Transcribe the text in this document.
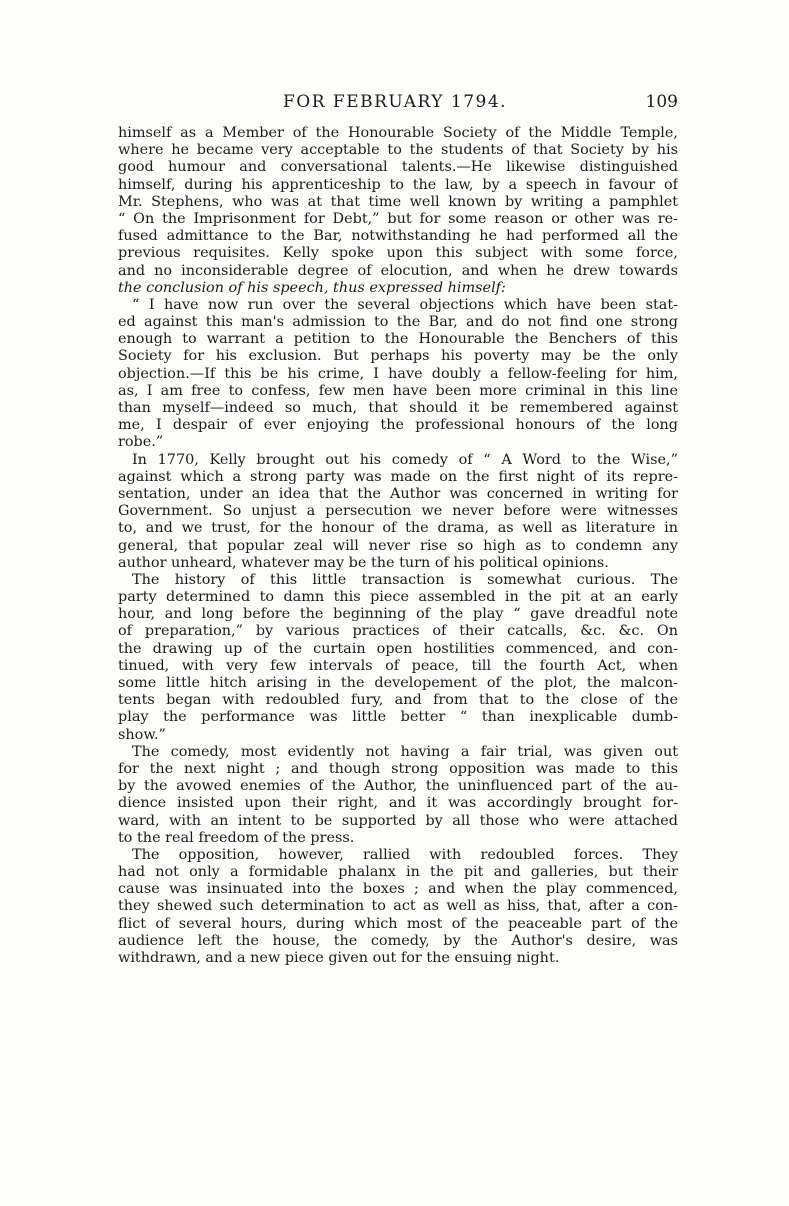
FOR FEBRUARY 1794.	109
himself as a Member of the Honourable Society of the Middle Temple,
where he became very acceptable to the students of that Society by his
good humour and conversational talents.—He likewise distinguished
himself, during his apprenticeship to the law, by a speech in favour of
Mr. Stephens, who was at that time well known by writing a pamphlet
“ On the Imprisonment for Debt,” but for some reason or other was re-
fused admittance to the Bar, notwithstanding he had performed all the
previous requisites. Kelly spoke upon this subject with some force,
and no inconsiderable degree of elocution, and when he drew towards
the conclusion of his speech, thus expressed himself:
“ I have now run over the several objections which have been stat-
ed against this man's admission to the Bar, and do not find one strong
enough to warrant a petition to the Honourable the Benchers of this
Society for his exclusion. But perhaps his poverty may be the only
objection.—If this be his crime, I have doubly a fellow-feeling for him,
as, I am free to confess, few men have been more criminal in this line
than myself—indeed so much, that should it be remembered against
me, I despair of ever enjoying the professional honours of the long
robe.”
In 1770, Kelly brought out his comedy of “ A Word to the Wise,”
against which a strong party was made on the first night of its repre-
sentation, under an idea that the Author was concerned in writing for
Government. So unjust a persecution we never before were witnesses
to, and we trust, for the honour of the drama, as well as literature in
general, that popular zeal will never rise so high as to condemn any
author unheard, whatever may be the turn of his political opinions.
The history of this little transaction is somewhat curious. The
party determined to damn this piece assembled in the pit at an early
hour, and long before the beginning of the play “ gave dreadful note
of preparation,” by various practices of their catcalls, &c. &c. On
the drawing up of the curtain open hostilities commenced, and con-
tinued, with very few intervals of peace, till the fourth Act, when
some little hitch arising in the developement of the plot, the malcon-
tents began with redoubled fury, and from that to the close of the
play the performance was little better “ than inexplicable dumb-
show.”
The comedy, most evidently not having a fair trial, was given out
for the next night ; and though strong opposition was made to this
by the avowed enemies of the Author, the uninfluenced part of the au-
dience insisted upon their right, and it was accordingly brought for-
ward, with an intent to be supported by all those who were attached
to the real freedom of the press.
The opposition, however, rallied with redoubled forces. They
had not only a formidable phalanx in the pit and galleries, but their
cause was insinuated into the boxes ; and when the play commenced,
they shewed such determination to act as well as hiss, that, after a con-
flict of several hours, during which most of the peaceable part of the
audience left the house, the comedy, by the Author's desire, was
withdrawn, and a new piece given out for the ensuing night.
